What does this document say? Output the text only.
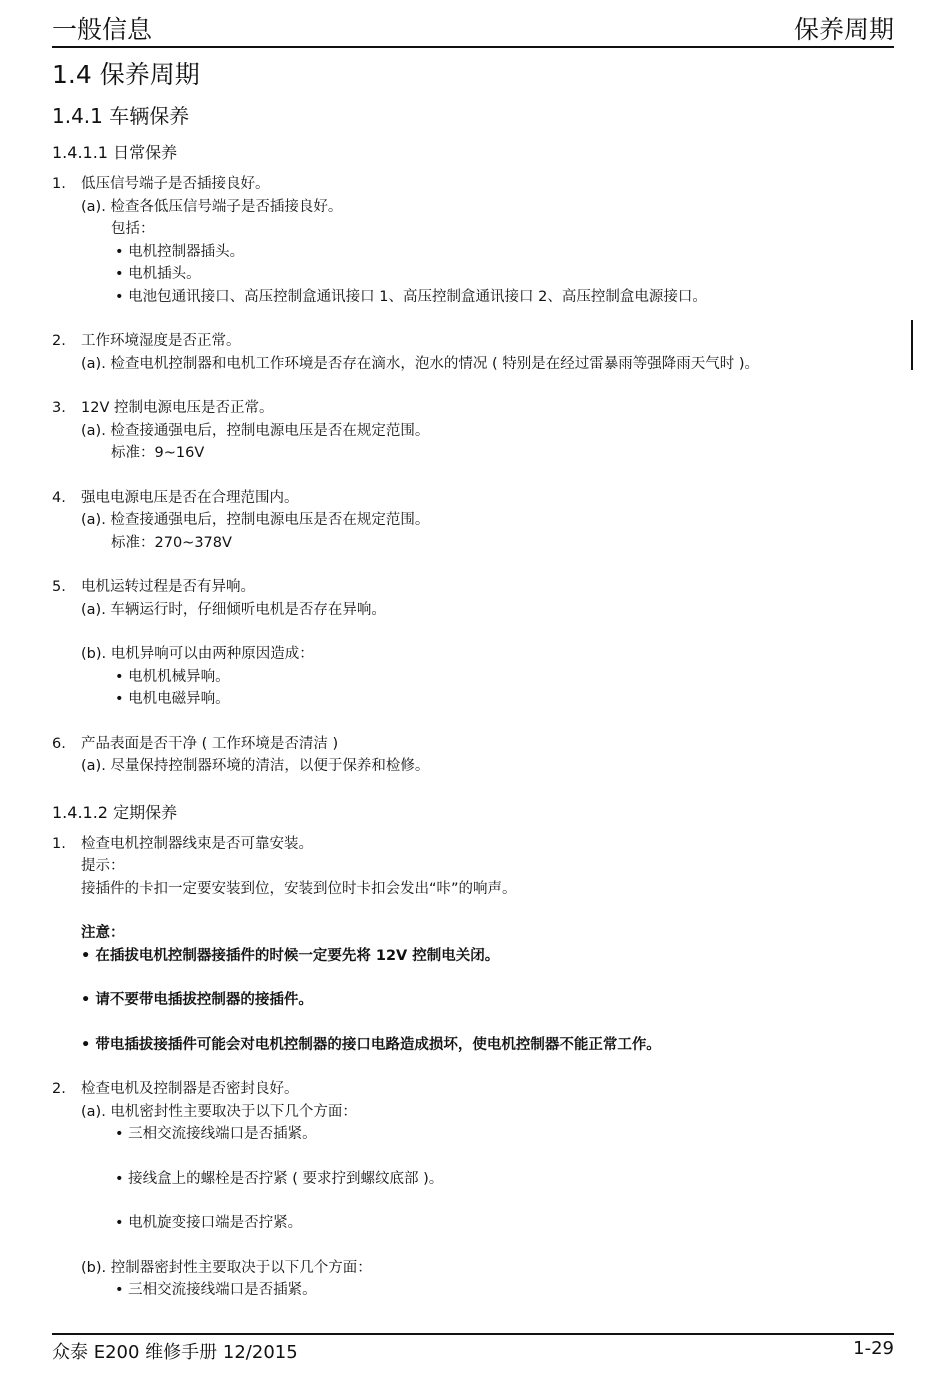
一般信息	保养周期
1.4 保养周期
1.4.1 车辆保养
1.4.1.1 日常保养
1. 低压信号端子是否插接良好。
(a). 检查各低压信号端子是否插接良好。
包括：
• 电机控制器插头。
• 电机插头。
• 电池包通讯接口、高压控制盒通讯接口 1、高压控制盒通讯接口 2、高压控制盒电源接口。
2. 工作环境湿度是否正常。
(a). 检查电机控制器和电机工作环境是否存在滴水，泡水的情况 ( 特别是在经过雷暴雨等强降雨天气时 )。
3. 12V 控制电源电压是否正常。
(a). 检查接通强电后，控制电源电压是否在规定范围。
标准：9~16V
4. 强电电源电压是否在合理范围内。
(a). 检查接通强电后，控制电源电压是否在规定范围。
标准：270~378V
5. 电机运转过程是否有异响。
(a). 车辆运行时，仔细倾听电机是否存在异响。
(b). 电机异响可以由两种原因造成：
• 电机机械异响。
• 电机电磁异响。
6. 产品表面是否干净 ( 工作环境是否清洁 )
(a). 尽量保持控制器环境的清洁，以便于保养和检修。
1.4.1.2 定期保养
1. 检查电机控制器线束是否可靠安装。
提示：
接插件的卡扣一定要安装到位，安装到位时卡扣会发出“咔”的响声。
注意：
• 在插拔电机控制器接插件的时候一定要先将 12V 控制电关闭。
• 请不要带电插拔控制器的接插件。
• 带电插拔接插件可能会对电机控制器的接口电路造成损坏，使电机控制器不能正常工作。
2. 检查电机及控制器是否密封良好。
(a). 电机密封性主要取决于以下几个方面：
• 三相交流接线端口是否插紧。
• 接线盒上的螺栓是否拧紧 ( 要求拧到螺纹底部 )。
• 电机旋变接口端是否拧紧。
(b). 控制器密封性主要取决于以下几个方面：
• 三相交流接线端口是否插紧。
众泰 E200 维修手册 12/2015	1-29
